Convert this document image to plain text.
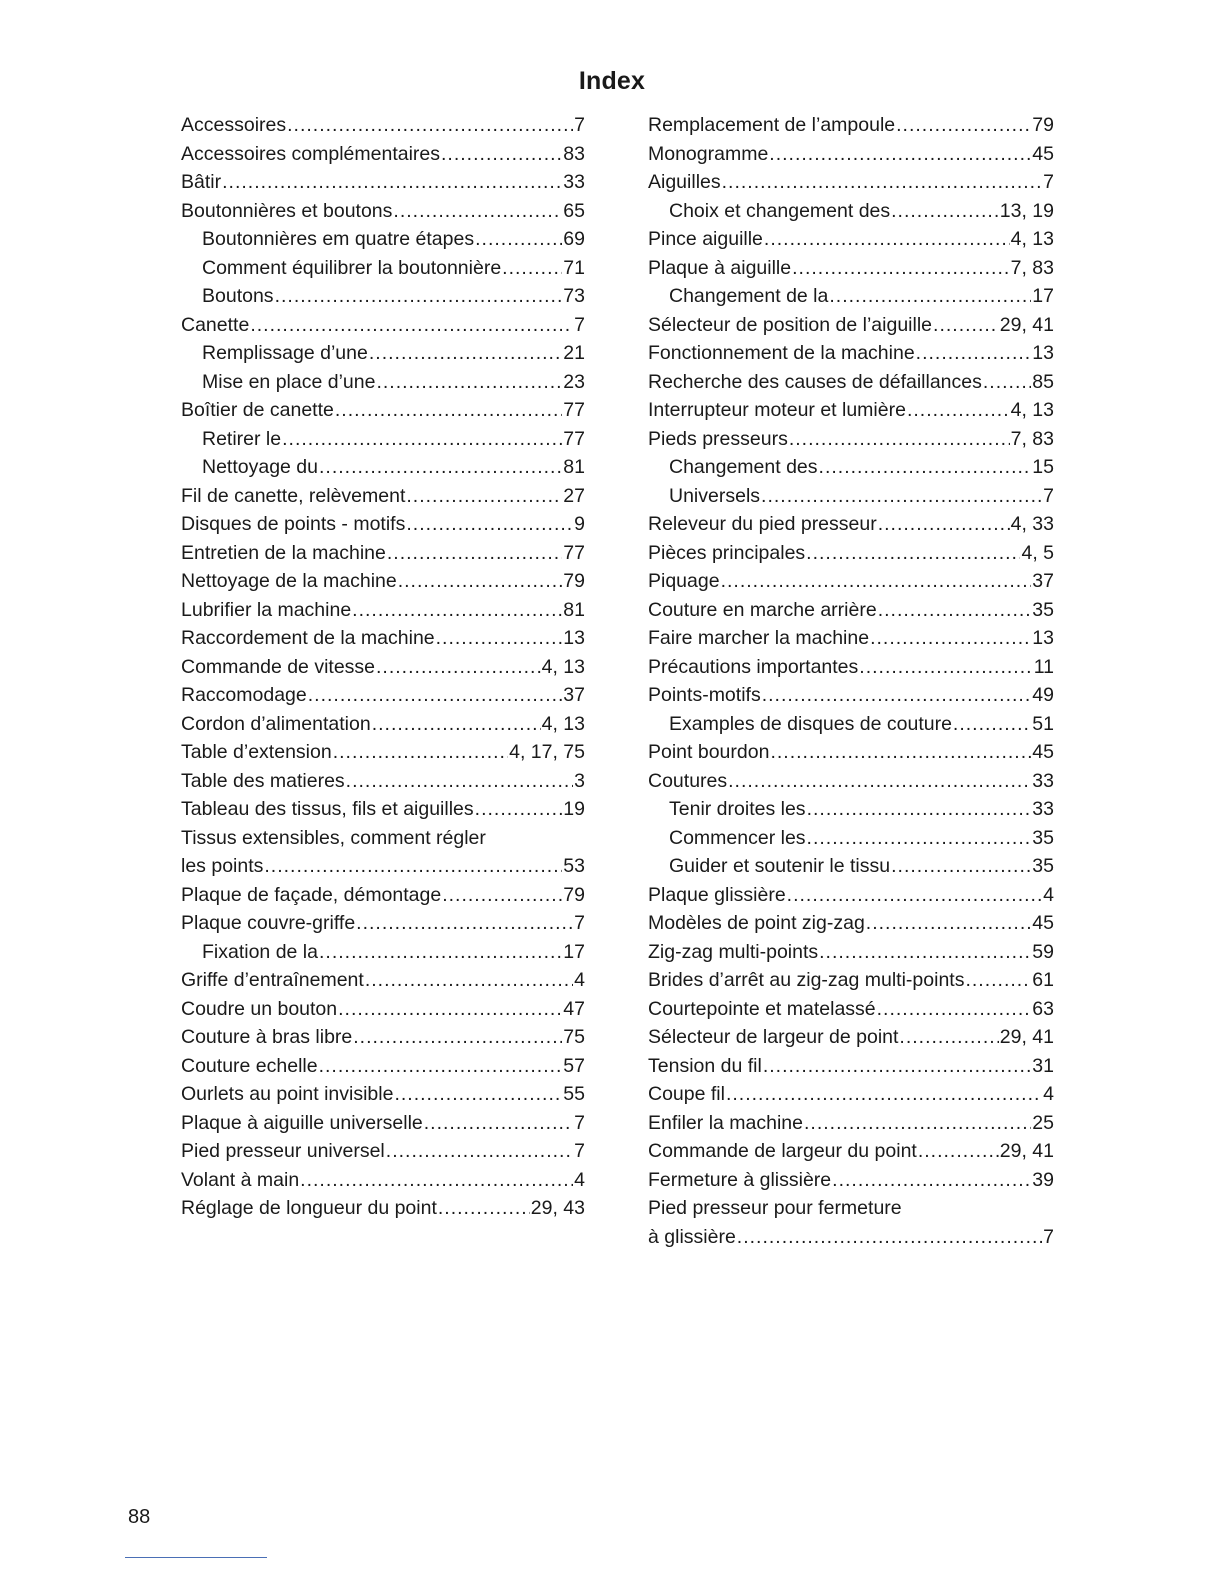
Index
Accessoires .....	7
Accessoires complémentaires .....	83
Bâtir .....	33
Boutonnières et boutons .....	65
Boutonnières em quatre étapes .....	69
Comment équilibrer la boutonnière .....	71
Boutons .....	73
Canette .....	7
Remplissage d’une .....	21
Mise en place d’une .....	23
Boîtier de canette .....	77
Retirer le .....	77
Nettoyage du .....	81
Fil de canette, relèvement .....	27
Disques de points - motifs .....	9
Entretien de la machine .....	77
Nettoyage de la machine .....	79
Lubrifier la machine .....	81
Raccordement de la machine .....	13
Commande de vitesse .....	4, 13
Raccomodage .....	37
Cordon d’alimentation .....	4, 13
Table d’extension .....	4, 17, 75
Table des matieres .....	3
Tableau des tissus, fils et aiguilles .....	19
Tissus extensibles, comment régler
les points .....	53
Plaque de façade, démontage .....	79
Plaque couvre-griffe .....	7
Fixation de la .....	17
Griffe d’entraînement .....	4
Coudre un bouton .....	47
Couture à bras libre .....	75
Couture echelle .....	57
Ourlets au point invisible .....	55
Plaque à aiguille universelle .....	7
Pied presseur universel .....	7
Volant à main .....	4
Réglage de longueur du point .....	29, 43
Remplacement de l’ampoule .....	79
Monogramme .....	45
Aiguilles .....	7
Choix et changement des .....	13, 19
Pince aiguille .....	4, 13
Plaque à aiguille .....	7, 83
Changement de la .....	17
Sélecteur de position de l’aiguille .....	29, 41
Fonctionnement de la machine .....	13
Recherche des causes de défaillances .....	85
Interrupteur moteur et lumière .....	4, 13
Pieds presseurs .....	7, 83
Changement des .....	15
Universels .....	7
Releveur du pied presseur .....	4, 33
Pièces principales .....	4, 5
Piquage .....	37
Couture en marche arrière .....	35
Faire marcher la machine .....	13
Précautions importantes .....	11
Points-motifs .....	49
Examples de disques de couture .....	51
Point bourdon .....	45
Coutures .....	33
Tenir droites les .....	33
Commencer les .....	35
Guider et soutenir le tissu .....	35
Plaque glissière .....	4
Modèles de point zig-zag .....	45
Zig-zag multi-points .....	59
Brides d’arrêt au zig-zag multi-points .....	61
Courtepointe et matelassé .....	63
Sélecteur de largeur de point .....	29, 41
Tension du fil .....	31
Coupe fil .....	4
Enfiler la machine .....	25
Commande de largeur du point .....	29, 41
Fermeture à glissière .....	39
Pied presseur pour fermeture
à glissière .....	7
88
